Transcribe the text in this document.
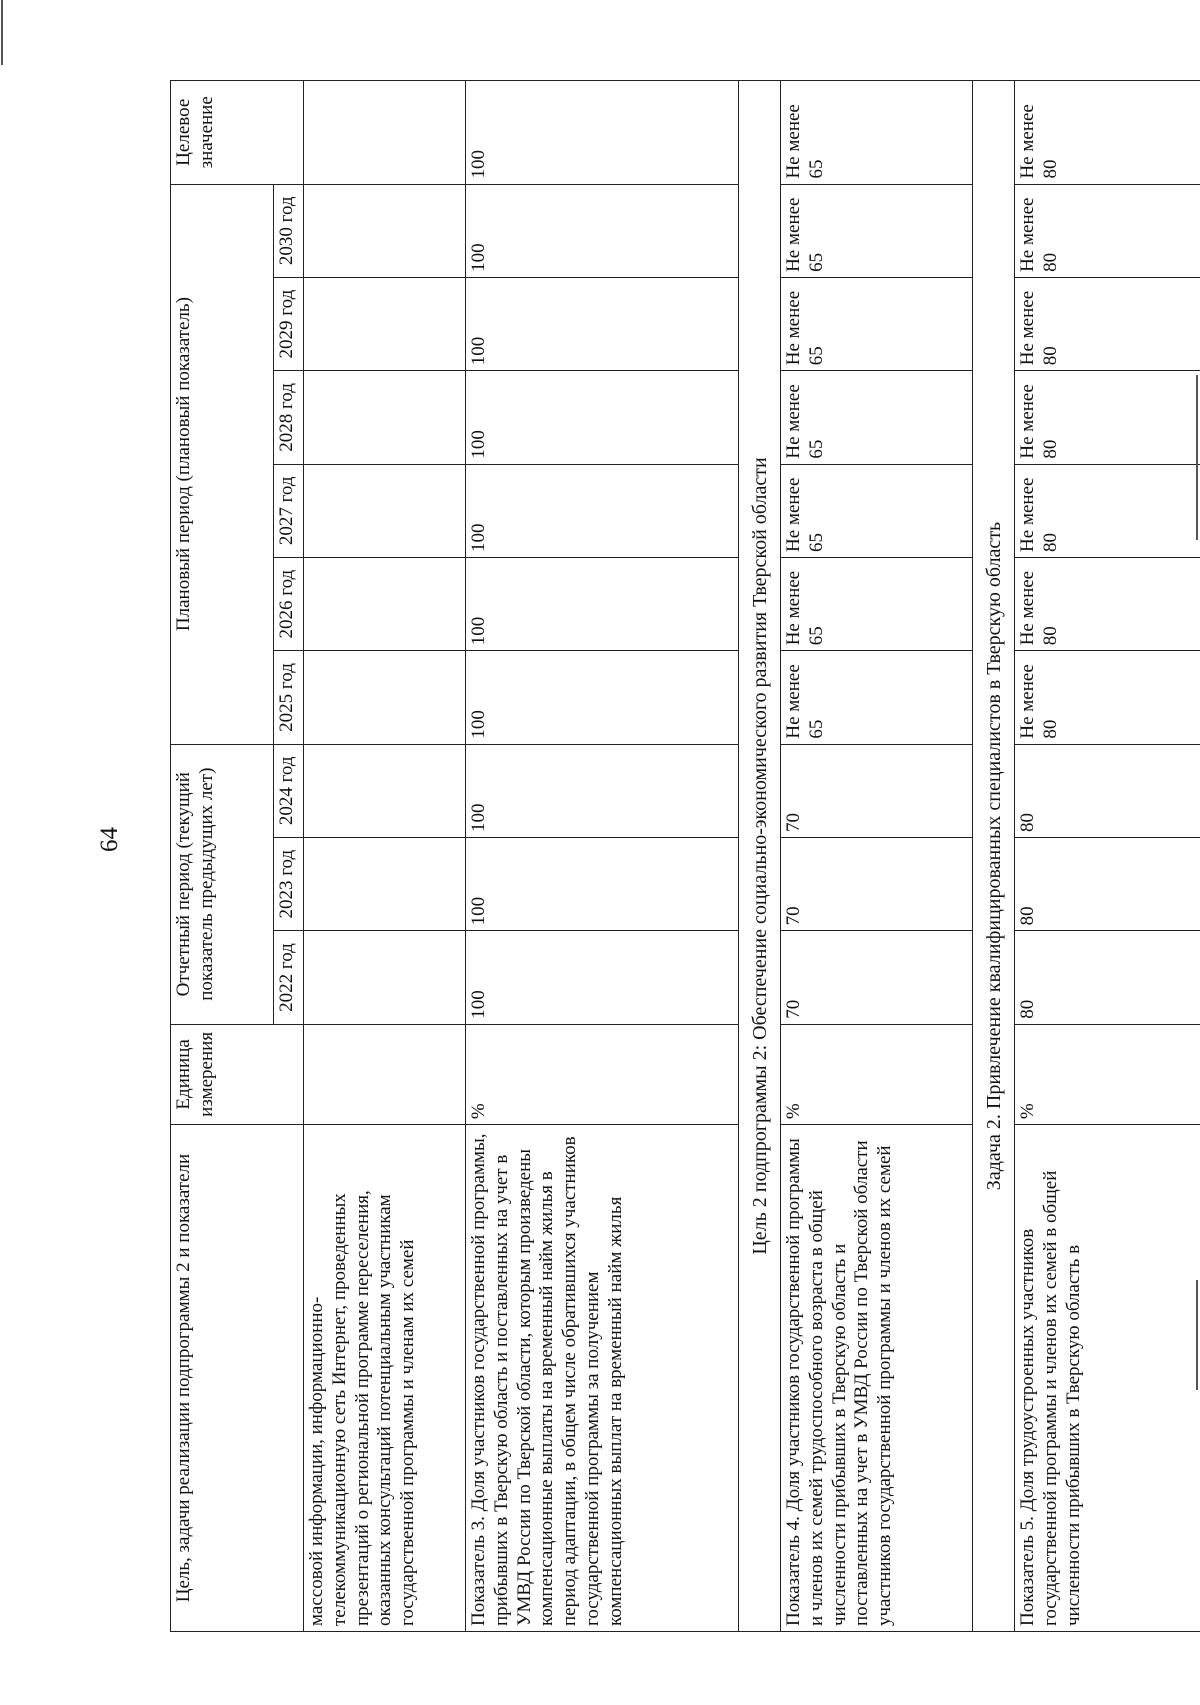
64
Цель, задачи реализации подпрограммы 2 и показатели	Единица измерения	Отчетный период (текущий показатель предыдущих лет)			Плановый период (плановый показатель)						Целевое значение
		2022 год	2023 год	2024 год	2025 год	2026 год	2027 год	2028 год	2029 год	2030 год	
массовой информации, информационно-телекоммуникационную сеть Интернет, проведенных презентаций о региональной программе переселения, оказанных консультаций потенциальным участникам государственной программы и членам их семей											
Показатель 3. Доля участников государственной программы, прибывших в Тверскую область и поставленных на учет в УМВД России по Тверской области, которым произведены компенсационные выплаты на временный найм жилья в период адаптации, в общем числе обратившихся участников государственной программы за получением компенсационных выплат на временный найм жилья	%	100	100	100	100	100	100	100	100	100	100
Цель 2 подпрограммы 2: Обеспечение социально-экономического развития Тверской области											
Показатель 4. Доля участников государственной программы и членов их семей трудоспособного возраста в общей численности прибывших в Тверскую область и поставленных на учет в УМВД России по Тверской области участников государственной программы и членов их семей	%	70	70	70	Не менее 65	Не менее 65	Не менее 65	Не менее 65	Не менее 65	Не менее 65	Не менее 65
Задача 2. Привлечение квалифицированных специалистов в Тверскую область											
Показатель 5. Доля трудоустроенных участников государственной программы и членов их семей в общей численности прибывших в Тверскую область в	%	80	80	80	Не менее 80	Не менее 80	Не менее 80	Не менее 80	Не менее 80	Не менее 80	Не менее 80
